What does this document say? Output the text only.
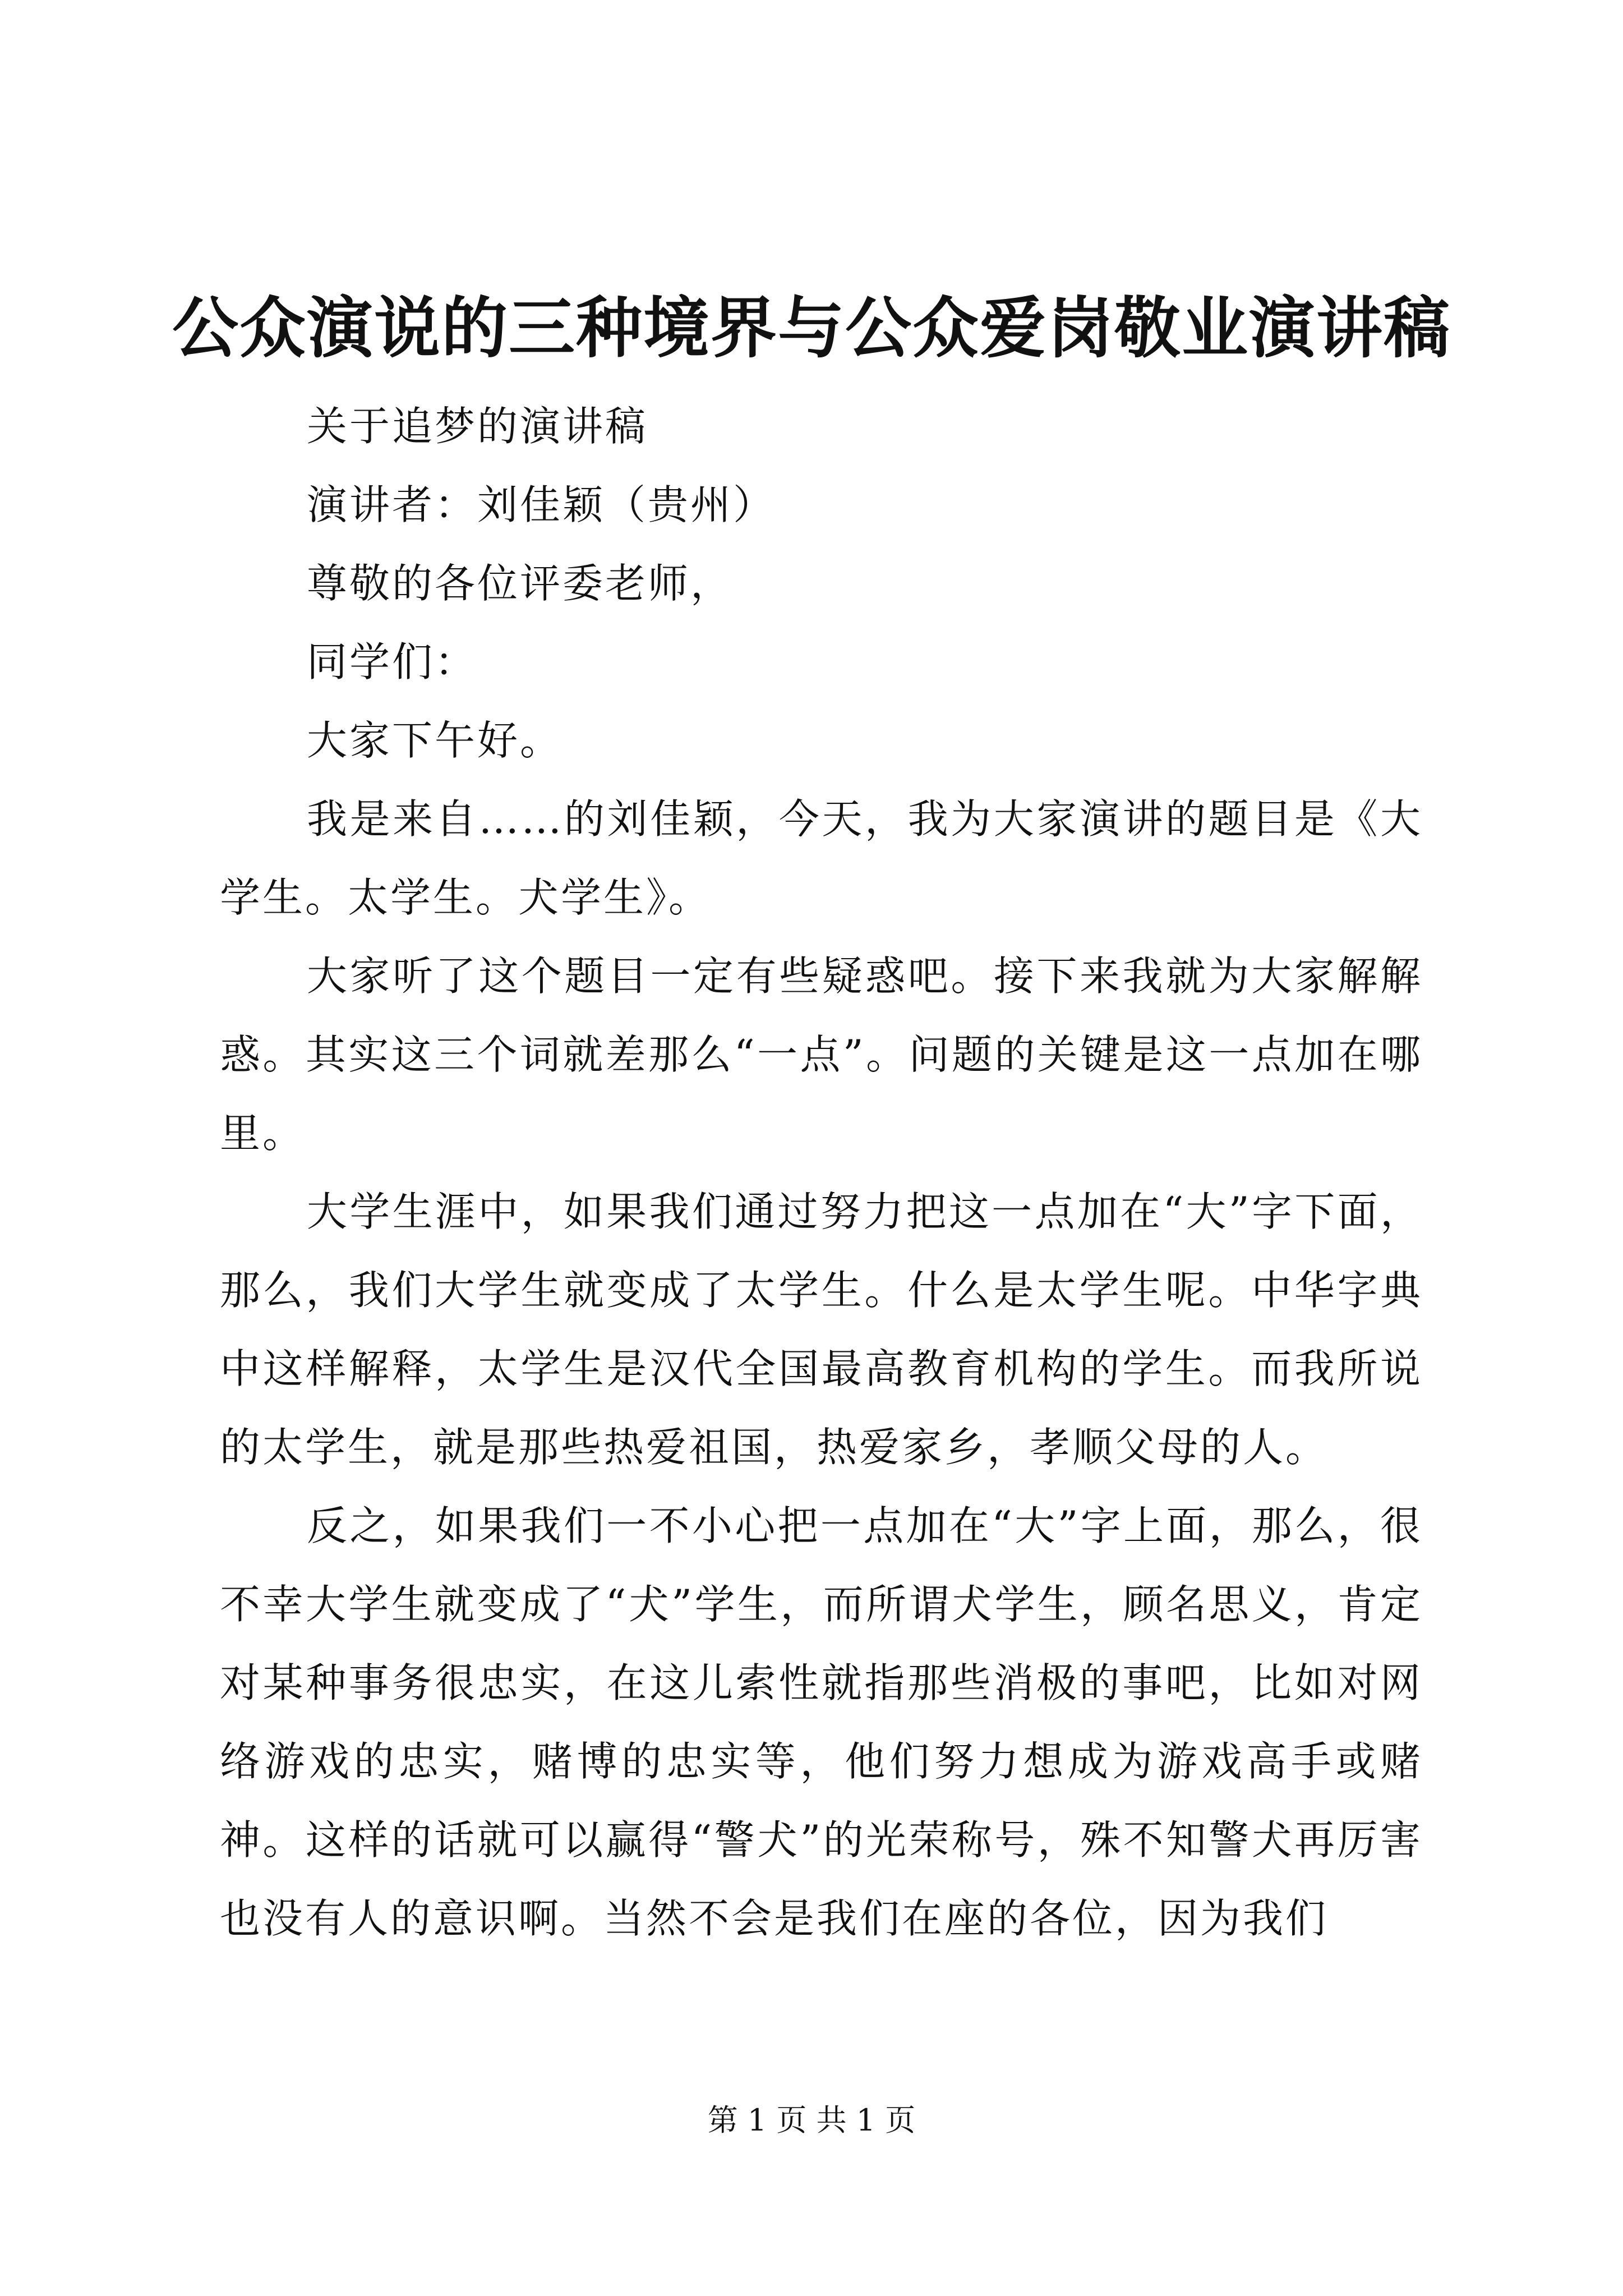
公众演说的三种境界与公众爱岗敬业演讲稿

关于追梦的演讲稿

演讲者：刘佳颖（贵州）

尊敬的各位评委老师，

同学们：

大家下午好。

我是来自……的刘佳颖，今天，我为大家演讲的题目是《大学生。太学生。犬学生》。

大家听了这个题目一定有些疑惑吧。接下来我就为大家解解惑。其实这三个词就差那么“一点”。问题的关键是这一点加在哪里。

大学生涯中，如果我们通过努力把这一点加在“大”字下面，那么，我们大学生就变成了太学生。什么是太学生呢。中华字典中这样解释，太学生是汉代全国最高教育机构的学生。而我所说的太学生，就是那些热爱祖国，热爱家乡，孝顺父母的人。

反之，如果我们一不小心把一点加在“大”字上面，那么，很不幸大学生就变成了“犬”学生，而所谓犬学生，顾名思义，肯定对某种事务很忠实，在这儿索性就指那些消极的事吧，比如对网络游戏的忠实，赌博的忠实等，他们努力想成为游戏高手或赌神。这样的话就可以赢得“警犬”的光荣称号，殊不知警犬再厉害也没有人的意识啊。当然不会是我们在座的各位，因为我们

第 1 页 共 1 页
